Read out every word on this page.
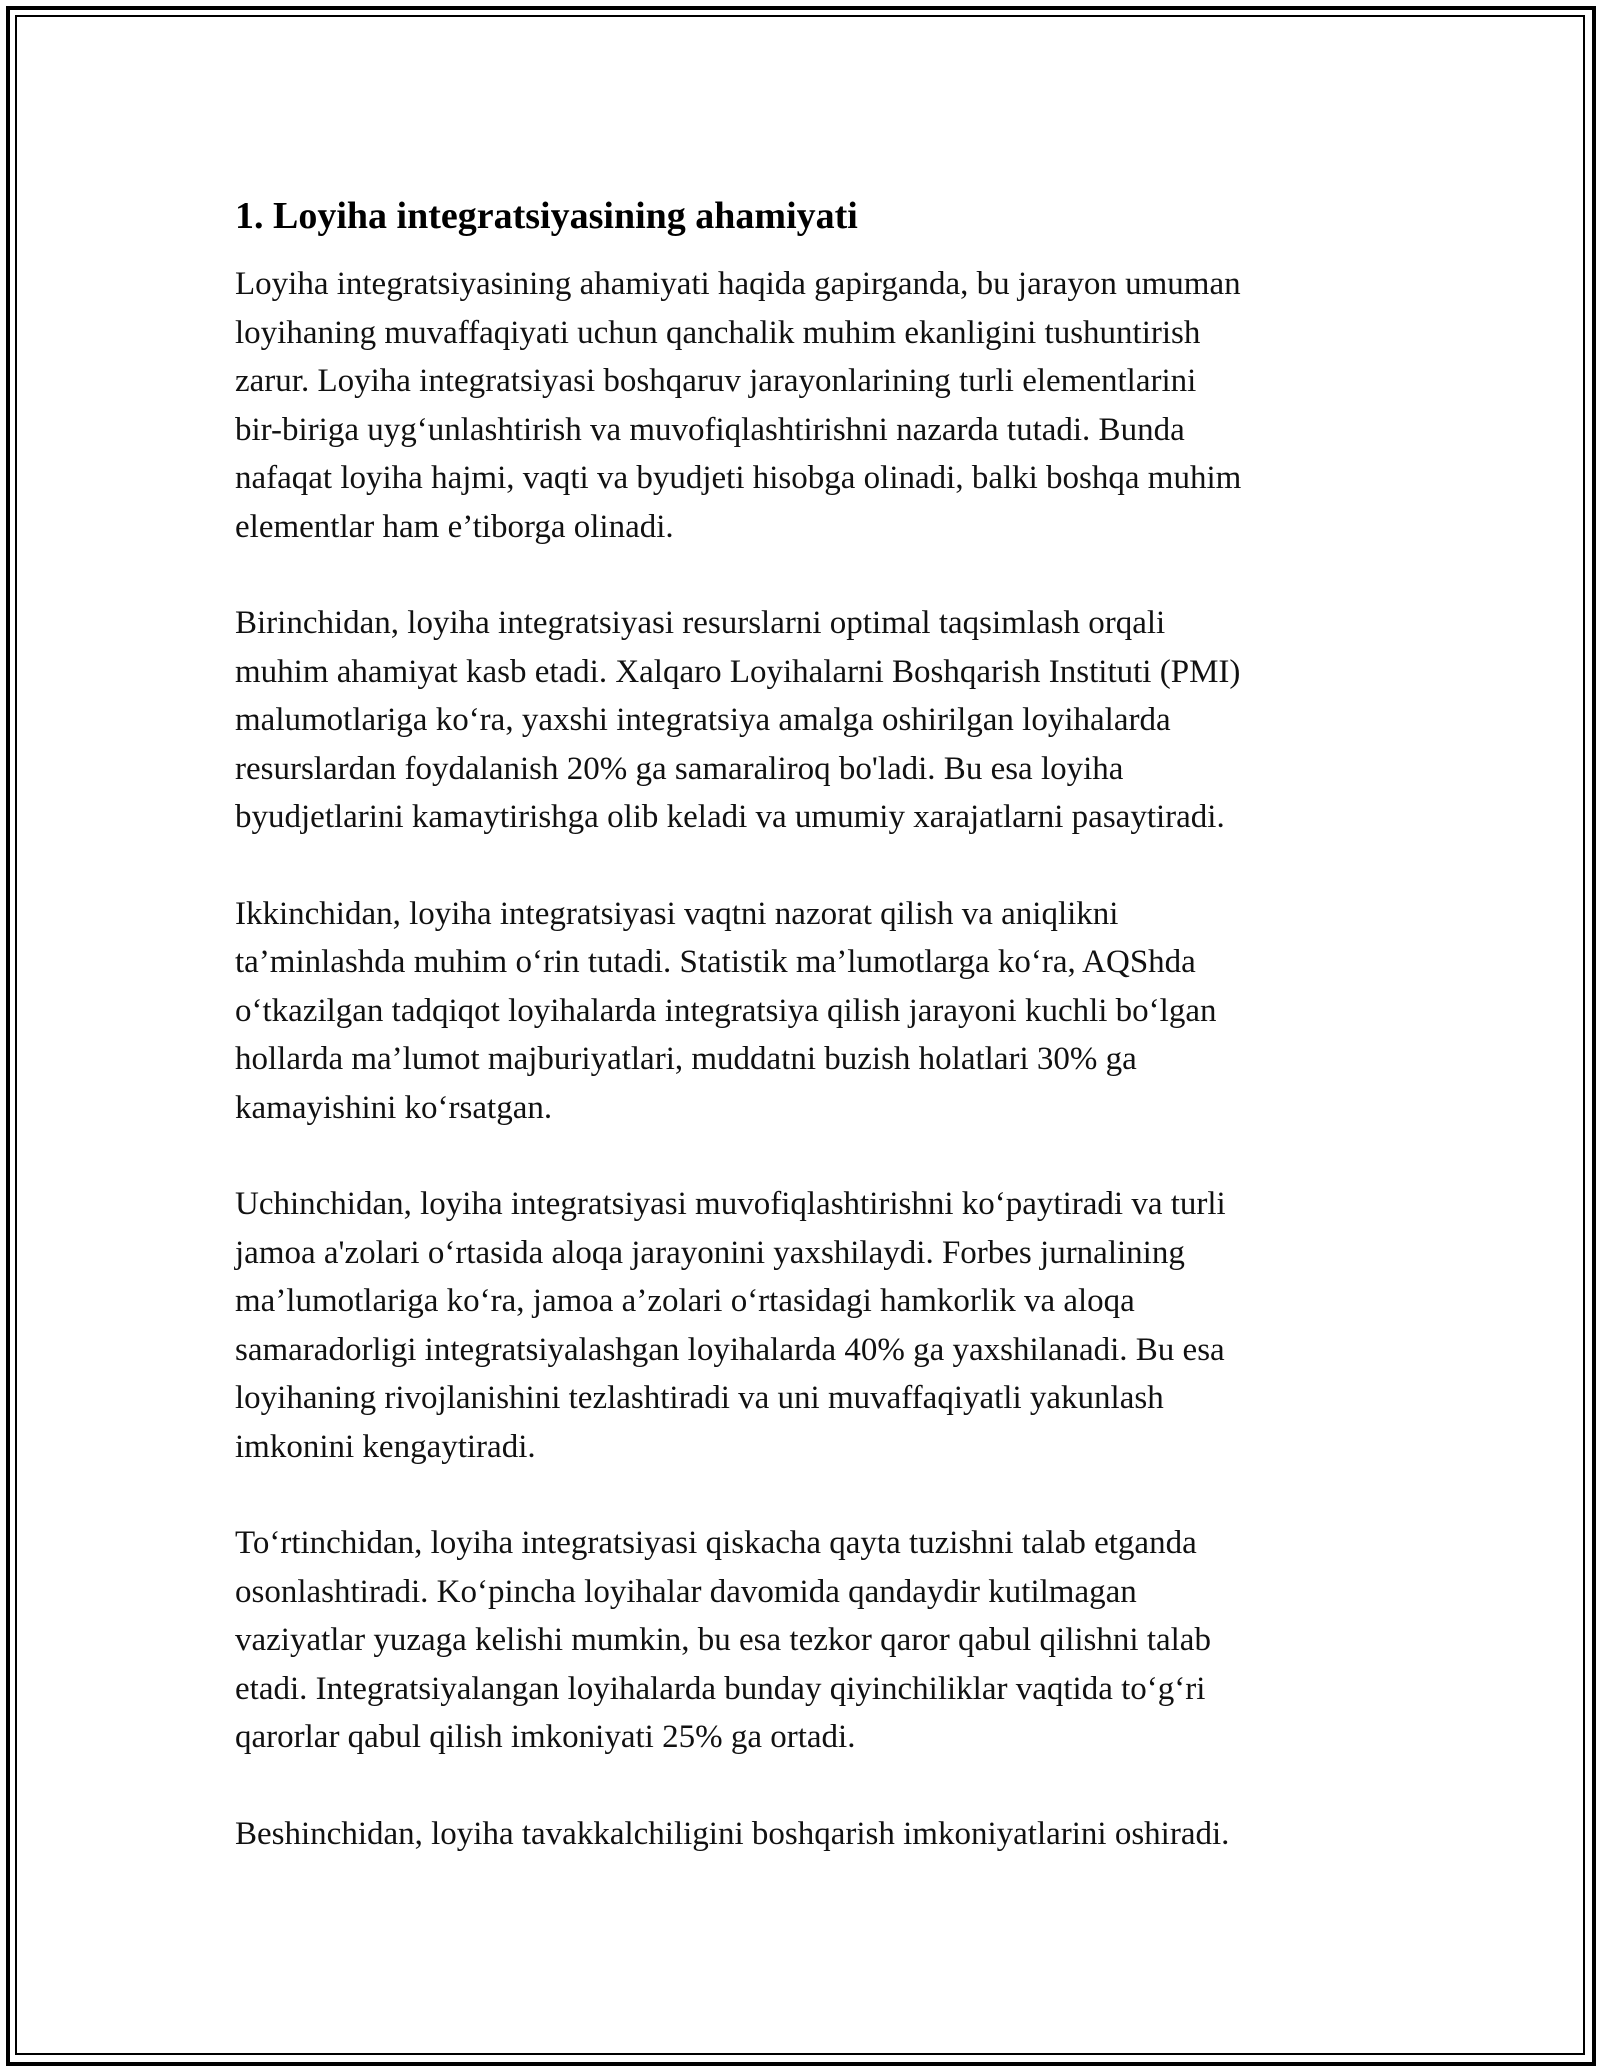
1. Loyiha integratsiyasining ahamiyati

Loyiha integratsiyasining ahamiyati haqida gapirganda, bu jarayon umuman
loyihaning muvaffaqiyati uchun qanchalik muhim ekanligini tushuntirish
zarur. Loyiha integratsiyasi boshqaruv jarayonlarining turli elementlarini
bir-biriga uyg‘unlashtirish va muvofiqlashtirishni nazarda tutadi. Bunda
nafaqat loyiha hajmi, vaqti va byudjeti hisobga olinadi, balki boshqa muhim
elementlar ham e’tiborga olinadi.

Birinchidan, loyiha integratsiyasi resurslarni optimal taqsimlash orqali
muhim ahamiyat kasb etadi. Xalqaro Loyihalarni Boshqarish Instituti (PMI)
malumotlariga ko‘ra, yaxshi integratsiya amalga oshirilgan loyihalarda
resurslardan foydalanish 20% ga samaraliroq bo'ladi. Bu esa loyiha
byudjetlarini kamaytirishga olib keladi va umumiy xarajatlarni pasaytiradi.

Ikkinchidan, loyiha integratsiyasi vaqtni nazorat qilish va aniqlikni
ta’minlashda muhim o‘rin tutadi. Statistik ma’lumotlarga ko‘ra, AQShda
o‘tkazilgan tadqiqot loyihalarda integratsiya qilish jarayoni kuchli bo‘lgan
hollarda ma’lumot majburiyatlari, muddatni buzish holatlari 30% ga
kamayishini ko‘rsatgan.

Uchinchidan, loyiha integratsiyasi muvofiqlashtirishni ko‘paytiradi va turli
jamoa a'zolari o‘rtasida aloqa jarayonini yaxshilaydi. Forbes jurnalining
ma’lumotlariga ko‘ra, jamoa a’zolari o‘rtasidagi hamkorlik va aloqa
samaradorligi integratsiyalashgan loyihalarda 40% ga yaxshilanadi. Bu esa
loyihaning rivojlanishini tezlashtiradi va uni muvaffaqiyatli yakunlash
imkonini kengaytiradi.

To‘rtinchidan, loyiha integratsiyasi qiskacha qayta tuzishni talab etganda
osonlashtiradi. Ko‘pincha loyihalar davomida qandaydir kutilmagan
vaziyatlar yuzaga kelishi mumkin, bu esa tezkor qaror qabul qilishni talab
etadi. Integratsiyalangan loyihalarda bunday qiyinchiliklar vaqtida to‘g‘ri
qarorlar qabul qilish imkoniyati 25% ga ortadi.

Beshinchidan, loyiha tavakkalchiligini boshqarish imkoniyatlarini oshiradi.
